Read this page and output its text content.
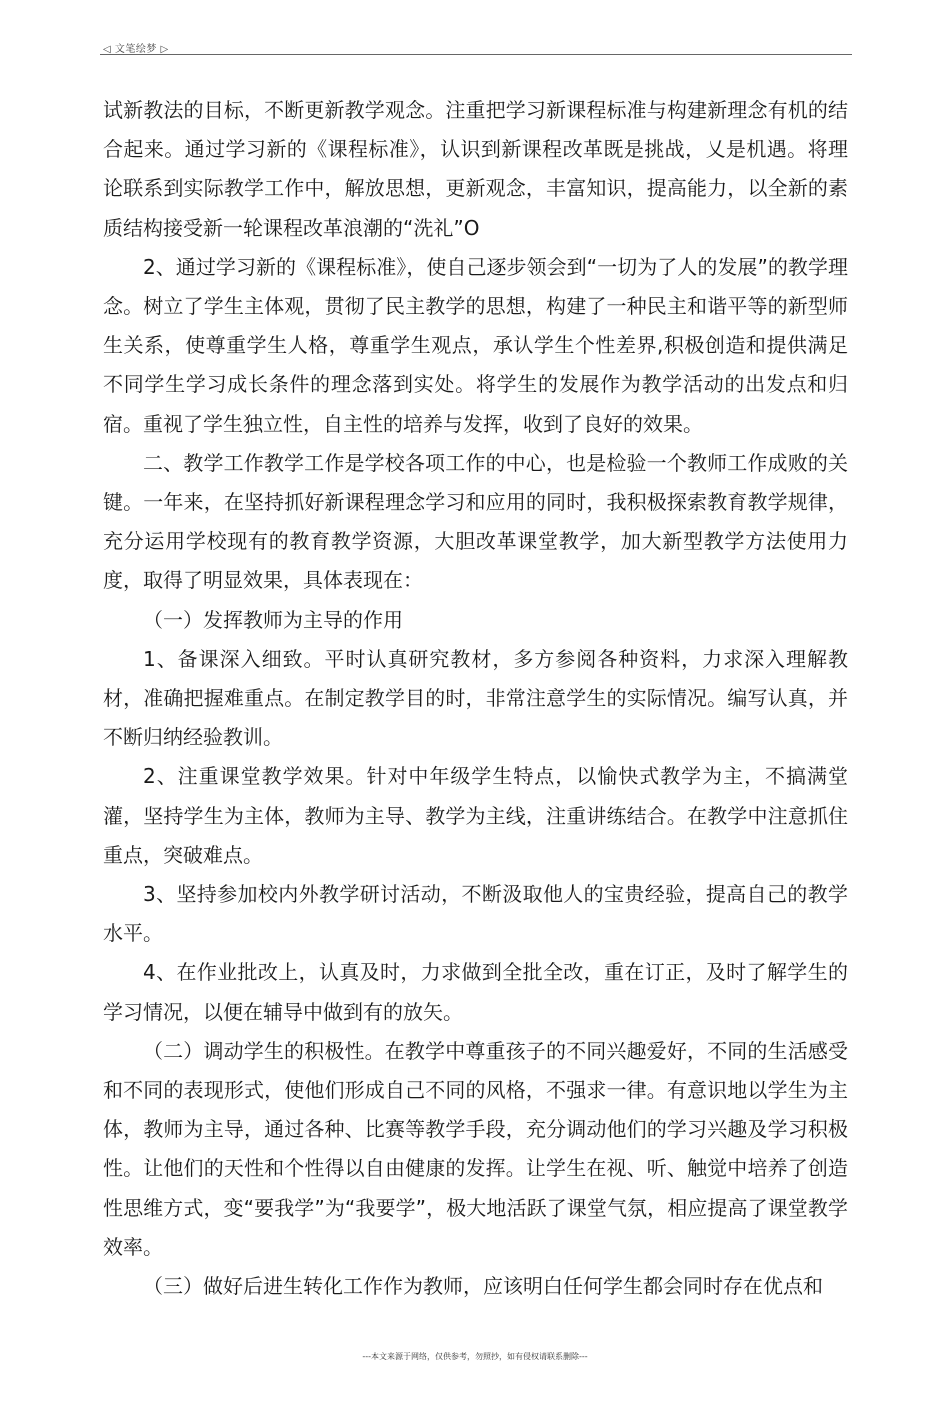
◁ 文笔绘梦 ▷

试新教法的目标，不断更新教学观念。注重把学习新课程标准与构建新理念有机的结合起来。通过学习新的《课程标准》，认识到新课程改革既是挑战，乂是机遇。将理论联系到实际教学工作中，解放思想，更新观念，丰富知识，提高能力，以全新的素质结构接受新一轮课程改革浪潮的“洗礼”O

2、通过学习新的《课程标准》，使自己逐步领会到“一切为了人的发展”的教学理念。树立了学生主体观，贯彻了民主教学的思想，构建了一种民主和谐平等的新型师生关系，使尊重学生人格，尊重学生观点，承认学生个性差界,积极创造和提供满足不同学生学习成长条件的理念落到实处。将学生的发展作为教学活动的出发点和归宿。重视了学生独立性，自主性的培养与发挥，收到了良好的效果。

二、教学工作教学工作是学校各项工作的中心，也是检验一个教师工作成败的关键。一年来，在坚持抓好新课程理念学习和应用的同时，我积极探索教育教学规律，充分运用学校现有的教育教学资源，大胆改革课堂教学，加大新型教学方法使用力度，取得了明显效果，具体表现在：

（一）发挥教师为主导的作用

1、备课深入细致。平时认真研究教材，多方参阅各种资料，力求深入理解教材，准确把握难重点。在制定教学目的时，非常注意学生的实际情况。编写认真，并不断归纳经验教训。

2、注重课堂教学效果。针对中年级学生特点，以愉快式教学为主，不搞满堂灌，坚持学生为主体，教师为主导、教学为主线，注重讲练结合。在教学中注意抓住重点，突破难点。

3、坚持参加校内外教学研讨活动，不断汲取他人的宝贵经验，提高自己的教学水平。

4、在作业批改上，认真及时，力求做到全批全改，重在订正，及时了解学生的学习情况，以便在辅导中做到有的放矢。

（二）调动学生的积极性。在教学中尊重孩子的不同兴趣爱好，不同的生活感受和不同的表现形式，使他们形成自己不同的风格，不强求一律。有意识地以学生为主体，教师为主导，通过各种、比赛等教学手段，充分调动他们的学习兴趣及学习积极性。让他们的天性和个性得以自由健康的发挥。让学生在视、听、触觉中培养了创造性思维方式，变“要我学”为“我要学”，极大地活跃了课堂气氛，相应提高了课堂教学效率。

（三）做好后进生转化工作作为教师，应该明白任何学生都会同时存在优点和

---本文来源于网络，仅供参考，勿照抄，如有侵权请联系删除---
